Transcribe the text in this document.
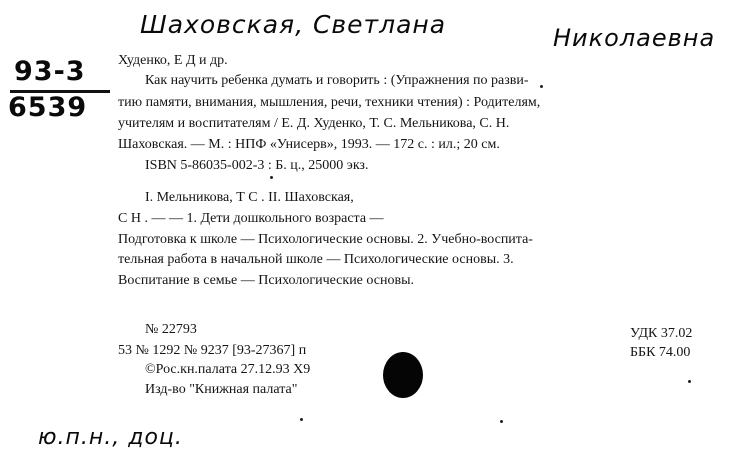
Шаховская, Светлана	Николаевна
93-3
6539
ю.п.н., доц.
Худенко, Е Д и др.
Как научить ребенка думать и говорить : (Упражнения по разви-
тию памяти, внимания, мышления, речи, техники чтения) : Родителям,
учителям и воспитателям / Е. Д. Худенко, Т. С. Мельникова, С. Н.
Шаховская. — М. : НПФ «Унисерв», 1993. — 172 с. : ил.; 20 см.
ISBN 5-86035-002-3 : Б. ц., 25000 экз.
I. Мельникова, Т С . II. Шаховская,
С Н . — — 1. Дети дошкольного возраста —
Подготовка к школе — Психологические основы. 2. Учебно-воспита-
тельная работа в начальной школе — Психологические основы. 3.
Воспитание в семье — Психологические основы.
№ 22793
53 № 1292 № 9237 [93-27367] п
©Рос.кн.палата 27.12.93 Х9
Изд-во "Книжная палата"
УДК 37.02
ББК 74.00
